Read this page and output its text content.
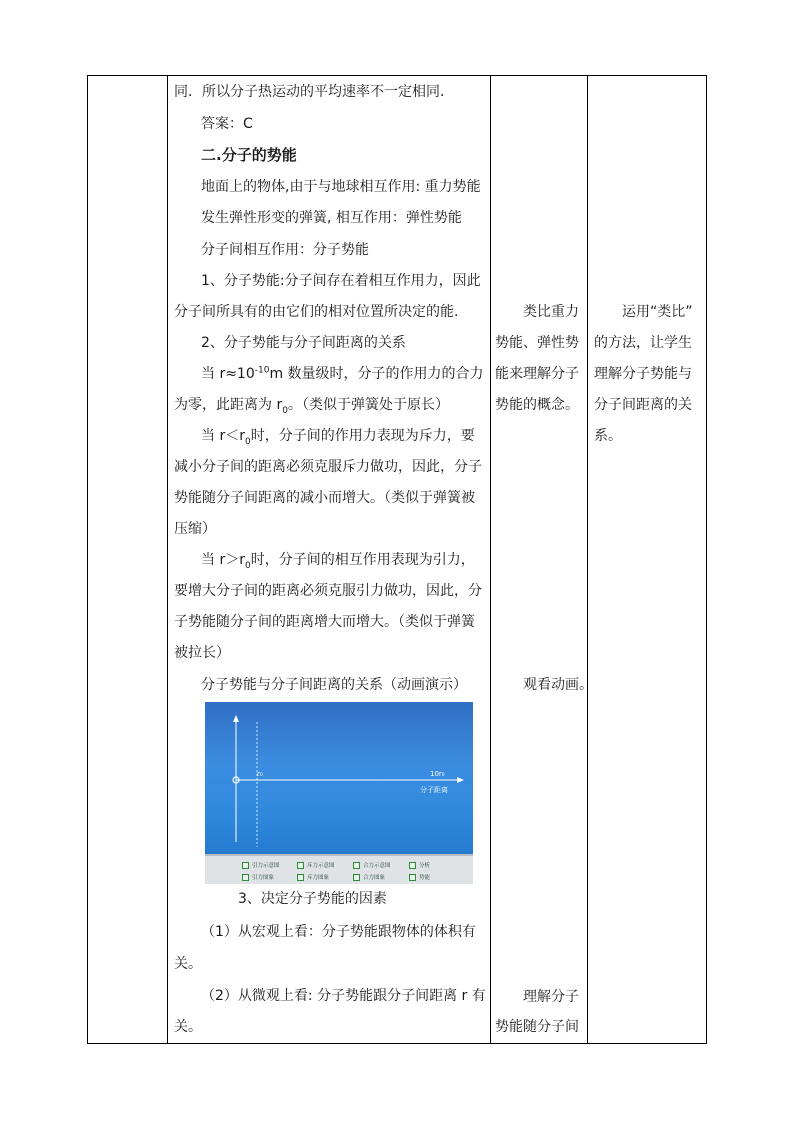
同．所以分子热运动的平均速率不一定相同．
答案：C
二.分子的势能
地面上的物体,由于与地球相互作用: 重力势能
发生弹性形变的弹簧, 相互作用：弹性势能
分子间相互作用：分子势能
1、分子势能:分子间存在着相互作用力，因此
分子间所具有的由它们的相对位置所决定的能.
2、分子势能与分子间距离的关系
当 $r\approx 10^{-10}m$ 数量级时，分子的作用力的合力
为零，此距离为 $r_0$。（类似于弹簧处于原长）
当 $r<r_0$时，分子间的作用力表现为斥力，要
减小分子间的距离必须克服斥力做功，因此，分子
势能随分子间距离的减小而增大。（类似于弹簧被
压缩）
当 $r>r_0$时，分子间的相互作用表现为引力，
要增大分子间的距离必须克服引力做功，因此，分
子势能随分子间的距离增大而增大。（类似于弹簧
被拉长）
分子势能与分子间距离的关系（动画演示）
r₀	10r₀
分子距离
引力示意图	斥力示意图	合力示意图	分析
引力图象	斥力图象	合力图象	势能
3、决定分子势能的因素
（1）从宏观上看：分子势能跟物体的体积有
关。
（2）从微观上看: 分子势能跟分子间距离 r 有
关。
类比重力
势能、弹性势
能来理解分子
势能的概念。
观看动画。
理解分子
势能随分子间
运用“类比”
的方法，让学生
理解分子势能与
分子间距离的关
系。
